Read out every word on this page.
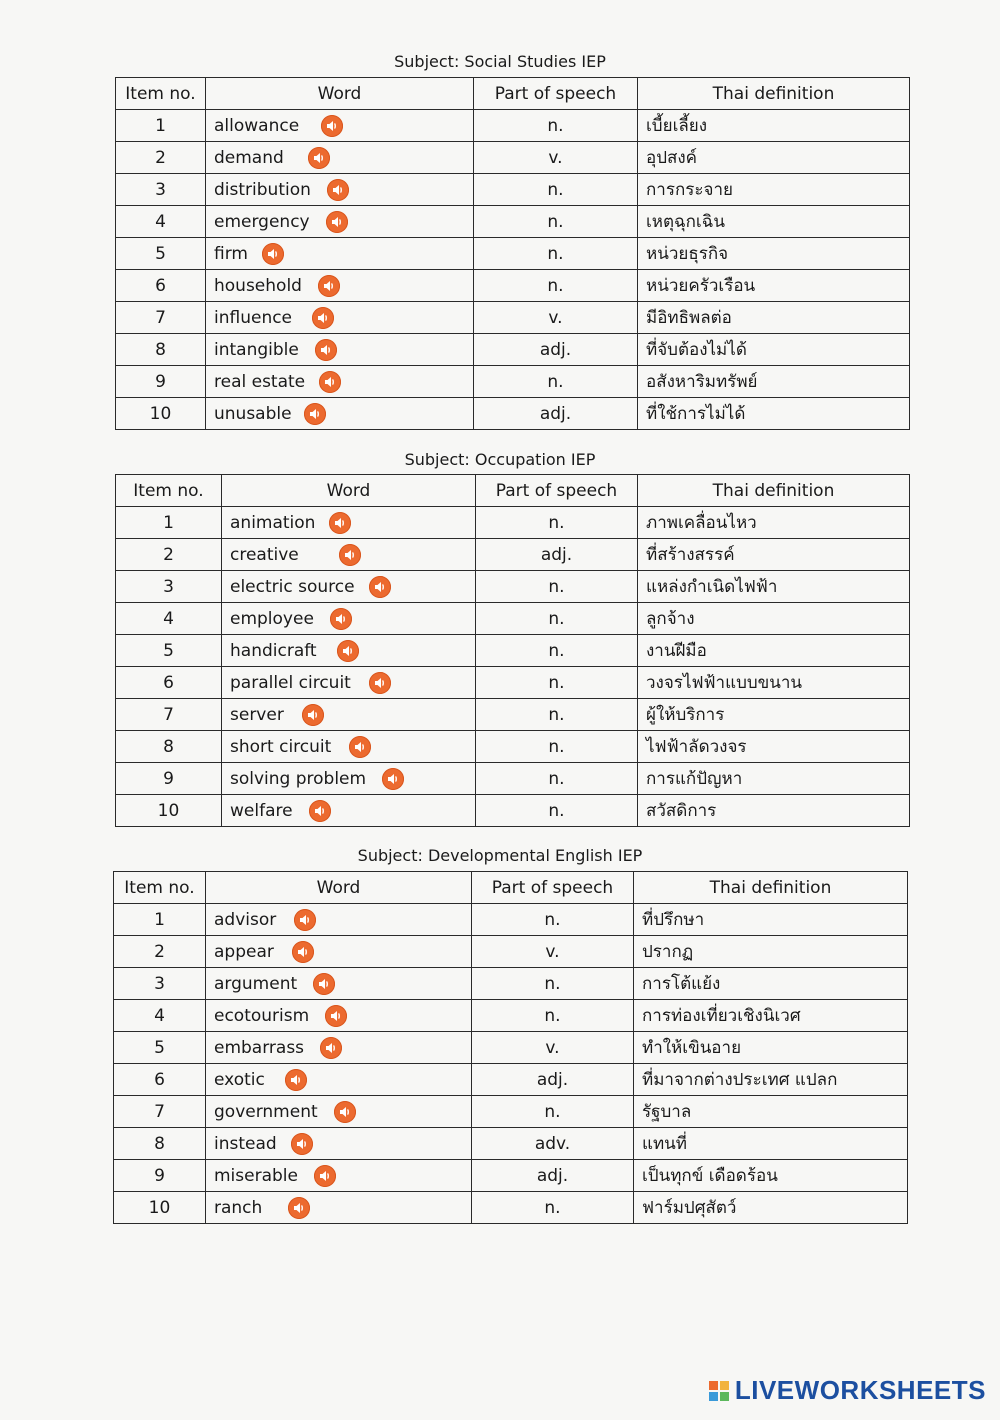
Subject: Social Studies IEP
Item no.	Word	Part of speech	Thai definition
1	allowance	n.	เบี้ยเลี้ยง
2	demand	v.	อุปสงค์
3	distribution	n.	การกระจาย
4	emergency	n.	เหตุฉุกเฉิน
5	firm	n.	หน่วยธุรกิจ
6	household	n.	หน่วยครัวเรือน
7	influence	v.	มีอิทธิพลต่อ
8	intangible	adj.	ที่จับต้องไม่ได้
9	real estate	n.	อสังหาริมทรัพย์
10	unusable	adj.	ที่ใช้การไม่ได้
Subject: Occupation IEP
Item no.	Word	Part of speech	Thai definition
1	animation	n.	ภาพเคลื่อนไหว
2	creative	adj.	ที่สร้างสรรค์
3	electric source	n.	แหล่งกำเนิดไฟฟ้า
4	employee	n.	ลูกจ้าง
5	handicraft	n.	งานฝีมือ
6	parallel circuit	n.	วงจรไฟฟ้าแบบขนาน
7	server	n.	ผู้ให้บริการ
8	short circuit	n.	ไฟฟ้าลัดวงจร
9	solving problem	n.	การแก้ปัญหา
10	welfare	n.	สวัสดิการ
Subject: Developmental English IEP
Item no.	Word	Part of speech	Thai definition
1	advisor	n.	ที่ปรึกษา
2	appear	v.	ปรากฏ
3	argument	n.	การโต้แย้ง
4	ecotourism	n.	การท่องเที่ยวเชิงนิเวศ
5	embarrass	v.	ทำให้เขินอาย
6	exotic	adj.	ที่มาจากต่างประเทศ แปลก
7	government	n.	รัฐบาล
8	instead	adv.	แทนที่
9	miserable	adj.	เป็นทุกข์ เดือดร้อน
10	ranch	n.	ฟาร์มปศุสัตว์
LIVEWORKSHEETS
